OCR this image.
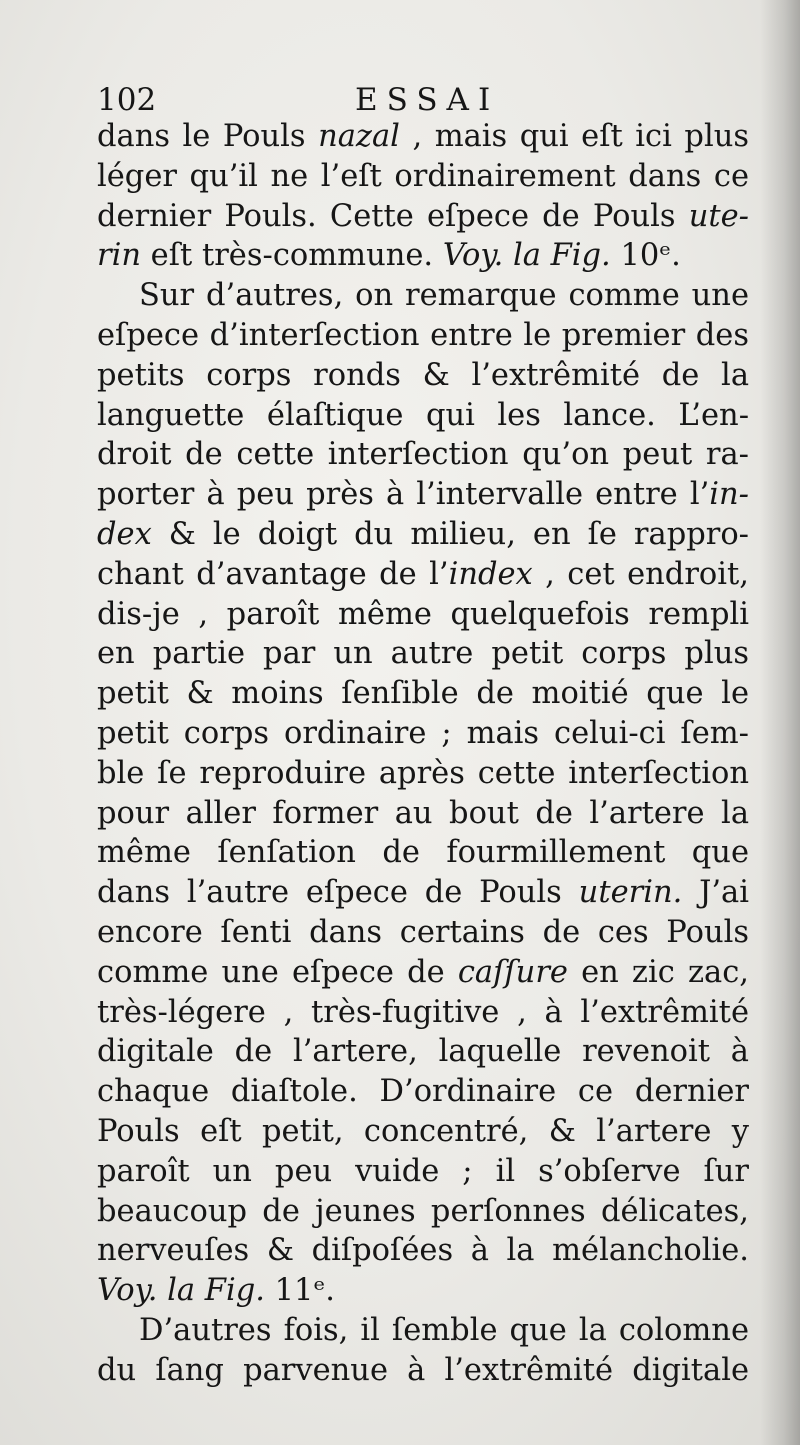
102	ESSAI
dans le Pouls nazal , mais qui eſt ici plus
léger qu’il ne l’eſt ordinairement dans ce
dernier Pouls. Cette eſpece de Pouls ute-
rin eſt très-commune. Voy. la Fig. 10ᵉ.
Sur d’autres, on remarque comme une
eſpece d’interſection entre le premier des
petits corps ronds & l’extrêmité de la
languette élaſtique qui les lance. L’en-
droit de cette interſection qu’on peut ra-
porter à peu près à l’intervalle entre l’in-
dex & le doigt du milieu, en ſe rappro-
chant d’avantage de l’index , cet endroit,
dis-je , paroît même quelquefois rempli
en partie par un autre petit corps plus
petit & moins ſenſible de moitié que le
petit corps ordinaire ; mais celui-ci ſem-
ble ſe reproduire après cette interſection
pour aller former au bout de l’artere la
même ſenſation de fourmillement que
dans l’autre eſpece de Pouls uterin. J’ai
encore ſenti dans certains de ces Pouls
comme une eſpece de caſſure en zic zac,
très-légere , très-fugitive , à l’extrêmité
digitale de l’artere, laquelle revenoit à
chaque diaſtole. D’ordinaire ce dernier
Pouls eſt petit, concentré, & l’artere y
paroît un peu vuide ; il s’obſerve ſur
beaucoup de jeunes perſonnes délicates,
nerveuſes & diſpoſées à la mélancholie.
Voy. la Fig. 11ᵉ.
D’autres fois, il ſemble que la colomne
du ſang parvenue à l’extrêmité digitale
